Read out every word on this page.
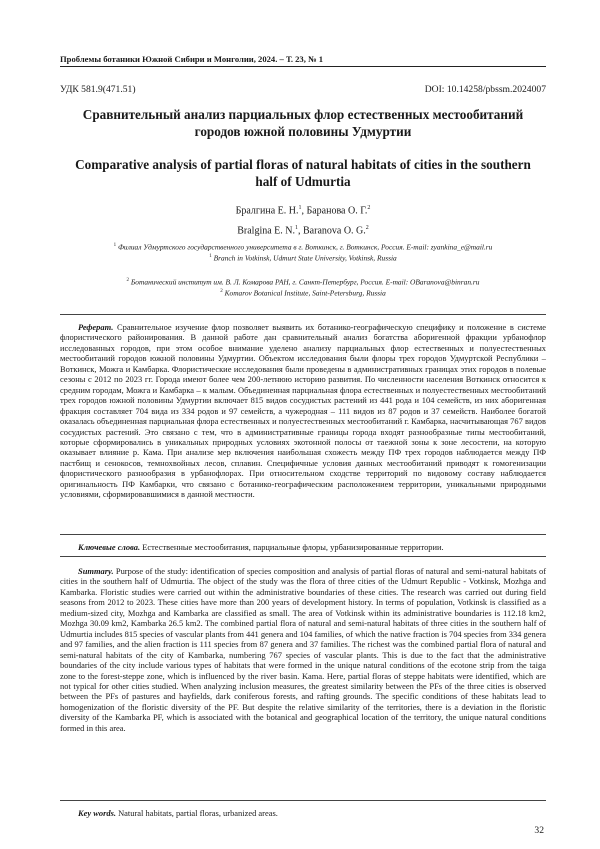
Проблемы ботаники Южной Сибири и Монголии, 2024. – Т. 23, № 1
УДК 581.9(471.51)	DOI: 10.14258/pbssm.2024007
Сравнительный анализ парциальных флор естественных местообитаний городов южной половины Удмуртии
Comparative analysis of partial floras of natural habitats of cities in the southern half of Udmurtia
Бралгина Е. Н.$^1$, Баранова О. Г.$^2$
Bralgina E. N.$^1$, Baranova O. G.$^2$
$^1$ Филиал Удмуртского государственного университета в г. Воткинск, г. Воткинск, Россия. E-mail: zyankina_e@mail.ru
$^1$ Branch in Votkinsk, Udmurt State University, Votkinsk, Russia
$^2$ Ботанический институт им. В. Л. Комарова РАН, г. Санкт-Петербург, Россия. E-mail: OBaranova@binran.ru
$^2$ Komarov Botanical Institute, Saint-Petersburg, Russia
Реферат. Сравнительное изучение флор позволяет выявить их ботанико-географическую специфику и положение в системе флористического районирования. В данной работе дан сравнительный анализ богатства аборигенной фракции урбанофлор исследованных городов, при этом особое внимание уделено анализу парциальных флор естественных и полуестественных местообитаний городов южной половины Удмуртии. Объектом исследования были флоры трех городов Удмуртской Республики – Воткинск, Можга и Камбарка. Флористические исследования были проведены в административных границах этих городов в полевые сезоны с 2012 по 2023 гг. Города имеют более чем 200-летнюю историю развития. По численности населения Воткинск относится к средним городам, Можга и Камбарка – к малым. Объединенная парциальная флора естественных и полуестественных местообитаний трех городов южной половины Удмуртии включает 815 видов сосудистых растений из 441 рода и 104 семейств, из них аборигенная фракция составляет 704 вида из 334 родов и 97 семейств, а чужеродная – 111 видов из 87 родов и 37 семейств. Наиболее богатой оказалась объединенная парциальная флора естественных и полуестественных местообитаний г. Камбарка, насчитывающая 767 видов сосудистых растений. Это связано с тем, что в административные границы города входят разнообразные типы местообитаний, которые сформировались в уникальных природных условиях экотонной полосы от таежной зоны к зоне лесостепи, на которую оказывает влияние р. Кама. При анализе мер включения наибольшая схожесть между ПФ трех городов наблюдается между ПФ пастбищ и сенокосов, темнохвойных лесов, сплавин. Специфичные условия данных местообитаний приводят к гомогенизации флористического разнообразия в урбанофлорах. При относительном сходстве территорий по видовому составу наблюдается оригинальность ПФ Камбарки, что связано с ботанико-географическим расположением территории, уникальными природными условиями, сформировавшимися в данной местности.
Ключевые слова. Естественные местообитания, парциальные флоры, урбанизированные территории.
Summary. Purpose of the study: identification of species composition and analysis of partial floras of natural and semi-natural habitats of cities in the southern half of Udmurtia. The object of the study was the flora of three cities of the Udmurt Republic - Votkinsk, Mozhga and Kambarka. Floristic studies were carried out within the administrative boundaries of these cities. The research was carried out during field seasons from 2012 to 2023. These cities have more than 200 years of development history. In terms of population, Votkinsk is classified as a medium-sized city, Mozhga and Kambarka are classified as small. The area of Votkinsk within its administrative boundaries is 112.18 km2, Mozhga 30.09 km2, Kambarka 26.5 km2. The combined partial flora of natural and semi-natural habitats of three cities in the southern half of Udmurtia includes 815 species of vascular plants from 441 genera and 104 families, of which the native fraction is 704 species from 334 genera and 97 families, and the alien fraction is 111 species from 87 genera and 37 families. The richest was the combined partial flora of natural and semi-natural habitats of the city of Kambarka, numbering 767 species of vascular plants. This is due to the fact that the administrative boundaries of the city include various types of habitats that were formed in the unique natural conditions of the ecotone strip from the taiga zone to the forest-steppe zone, which is influenced by the river basin. Kama. Here, partial floras of steppe habitats were identified, which are not typical for other cities studied. When analyzing inclusion measures, the greatest similarity between the PFs of the three cities is observed between the PFs of pastures and hayfields, dark coniferous forests, and rafting grounds. The specific conditions of these habitats lead to homogenization of the floristic diversity of the PF. But despite the relative similarity of the territories, there is a deviation in the floristic diversity of the Kambarka PF, which is associated with the botanical and geographical location of the territory, the unique natural conditions formed in this area.
Key words. Natural habitats, partial floras, urbanized areas.
32
